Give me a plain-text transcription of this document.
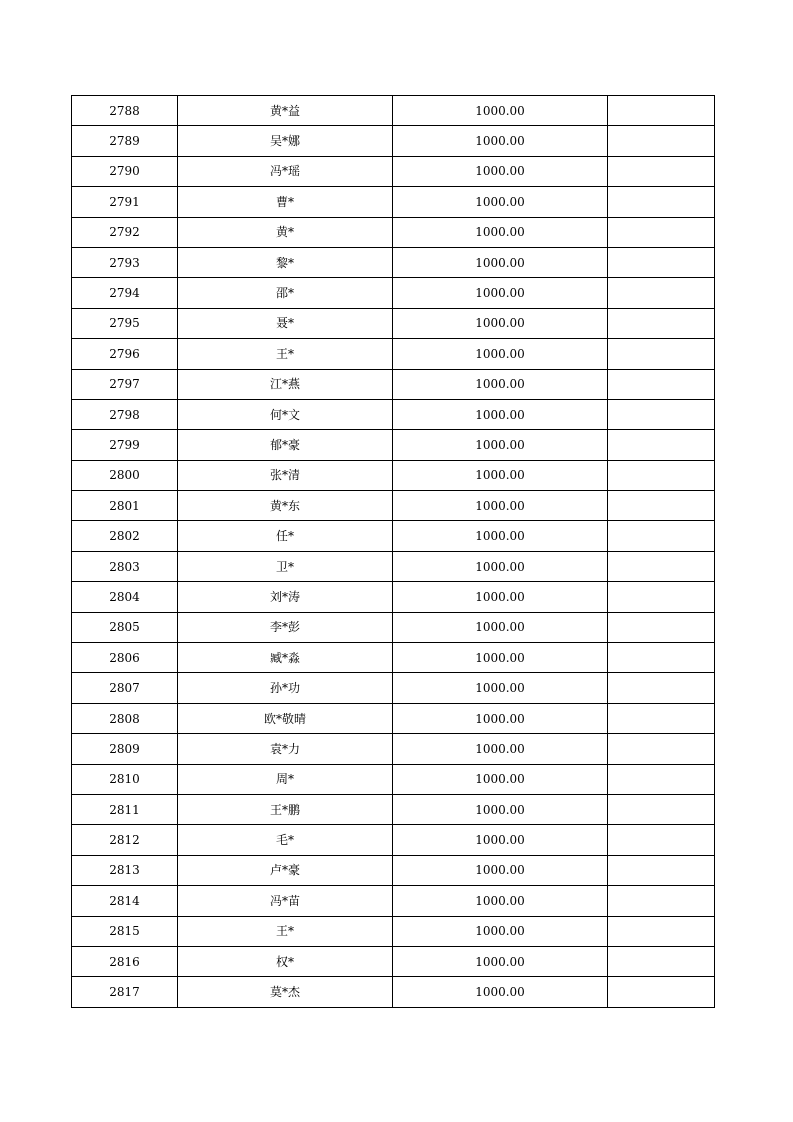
2788	黄*益	1000.00	
2789	吴*娜	1000.00	
2790	冯*瑶	1000.00	
2791	曹*	1000.00	
2792	黄*	1000.00	
2793	黎*	1000.00	
2794	邵*	1000.00	
2795	聂*	1000.00	
2796	王*	1000.00	
2797	江*燕	1000.00	
2798	何*文	1000.00	
2799	郁*豪	1000.00	
2800	张*清	1000.00	
2801	黄*东	1000.00	
2802	任*	1000.00	
2803	卫*	1000.00	
2804	刘*涛	1000.00	
2805	李*彭	1000.00	
2806	臧*淼	1000.00	
2807	孙*功	1000.00	
2808	欧*敬晴	1000.00	
2809	袁*力	1000.00	
2810	周*	1000.00	
2811	王*鹏	1000.00	
2812	毛*	1000.00	
2813	卢*豪	1000.00	
2814	冯*苗	1000.00	
2815	王*	1000.00	
2816	权*	1000.00	
2817	莫*杰	1000.00	
